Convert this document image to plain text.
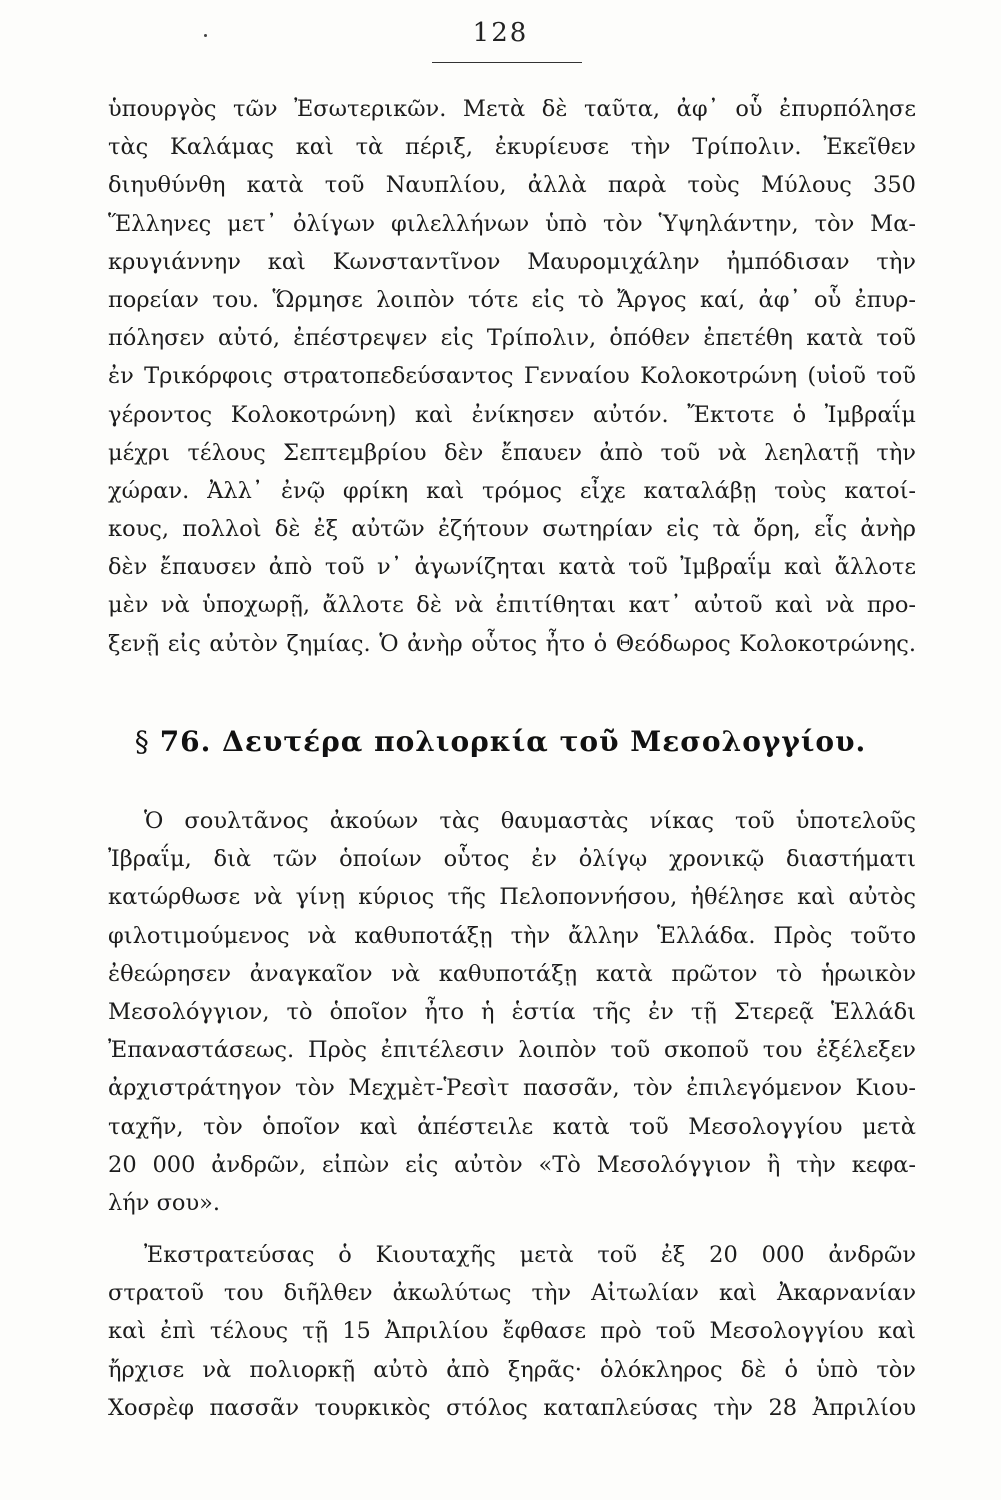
128
ὑπουργὸς τῶν Ἐσωτερικῶν. Μετὰ δὲ ταῦτα, ἀφ᾽ οὗ ἐπυρπόλησε
τὰς Καλάμας καὶ τὰ πέριξ, ἐκυρίευσε τὴν Τρίπολιν. Ἐκεῖθεν
διηυθύνθη κατὰ τοῦ Ναυπλίου, ἀλλὰ παρὰ τοὺς Μύλους 350
Ἕλληνες μετ᾽ ὀλίγων φιλελλήνων ὑπὸ τὸν Ὑψηλάντην, τὸν Μα-
κρυγιάννην καὶ Κωνσταντῖνον Μαυρομιχάλην ἠμπόδισαν τὴν
πορείαν του. Ὥρμησε λοιπὸν τότε εἰς τὸ Ἄργος καί, ἀφ᾽ οὗ ἐπυρ-
πόλησεν αὐτό, ἐπέστρεψεν εἰς Τρίπολιν, ὁπόθεν ἐπετέθη κατὰ τοῦ
ἐν Τρικόρφοις στρατοπεδεύσαντος Γενναίου Κολοκοτρώνη (υἱοῦ τοῦ
γέροντος Κολοκοτρώνη) καὶ ἐνίκησεν αὐτόν. Ἔκτοτε ὁ Ἰμβραΐμ
μέχρι τέλους Σεπτεμβρίου δὲν ἔπαυεν ἀπὸ τοῦ νὰ λεηλατῇ τὴν
χώραν. Ἀλλ᾽ ἐνῷ φρίκη καὶ τρόμος εἶχε καταλάβῃ τοὺς κατοί-
κους, πολλοὶ δὲ ἐξ αὐτῶν ἐζήτουν σωτηρίαν εἰς τὰ ὄρη, εἷς ἀνὴρ
δὲν ἔπαυσεν ἀπὸ τοῦ ν᾽ ἀγωνίζηται κατὰ τοῦ Ἰμβραΐμ καὶ ἄλλοτε
μὲν νὰ ὑποχωρῇ, ἄλλοτε δὲ νὰ ἐπιτίθηται κατ᾽ αὐτοῦ καὶ νὰ προ-
ξενῇ εἰς αὐτὸν ζημίας. Ὁ ἀνὴρ οὗτος ἦτο ὁ Θεόδωρος Κολοκοτρώνης.
§ 76. Δευτέρα πολιορκία τοῦ Μεσολογγίου.
Ὁ σουλτᾶνος ἀκούων τὰς θαυμαστὰς νίκας τοῦ ὑποτελοῦς
Ἰβραΐμ, διὰ τῶν ὁποίων οὗτος ἐν ὀλίγῳ χρονικῷ διαστήματι
κατώρθωσε νὰ γίνῃ κύριος τῆς Πελοποννήσου, ἠθέλησε καὶ αὐτὸς
φιλοτιμούμενος νὰ καθυποτάξῃ τὴν ἄλλην Ἑλλάδα. Πρὸς τοῦτο
ἐθεώρησεν ἀναγκαῖον νὰ καθυποτάξῃ κατὰ πρῶτον τὸ ἡρωικὸν
Μεσολόγγιον, τὸ ὁποῖον ἦτο ἡ ἑστία τῆς ἐν τῇ Στερεᾷ Ἑλλάδι
Ἐπαναστάσεως. Πρὸς ἐπιτέλεσιν λοιπὸν τοῦ σκοποῦ του ἐξέλεξεν
ἀρχιστράτηγον τὸν Μεχμὲτ-Ῥεσὶτ πασσᾶν, τὸν ἐπιλεγόμενον Κιου-
ταχῆν, τὸν ὁποῖον καὶ ἀπέστειλε κατὰ τοῦ Μεσολογγίου μετὰ
20 000 ἀνδρῶν, εἰπὼν εἰς αὐτὸν «Τὸ Μεσολόγγιον ἢ τὴν κεφα-
λήν σου».
Ἐκστρατεύσας ὁ Κιουταχῆς μετὰ τοῦ ἐξ 20 000 ἀνδρῶν
στρατοῦ του διῆλθεν ἀκωλύτως τὴν Αἰτωλίαν καὶ Ἀκαρνανίαν
καὶ ἐπὶ τέλους τῇ 15 Ἀπριλίου ἔφθασε πρὸ τοῦ Μεσολογγίου καὶ
ἤρχισε νὰ πολιορκῇ αὐτὸ ἀπὸ ξηρᾶς· ὁλόκληρος δὲ ὁ ὑπὸ τὸν
Χοσρὲφ πασσᾶν τουρκικὸς στόλος καταπλεύσας τὴν 28 Ἀπριλίου
